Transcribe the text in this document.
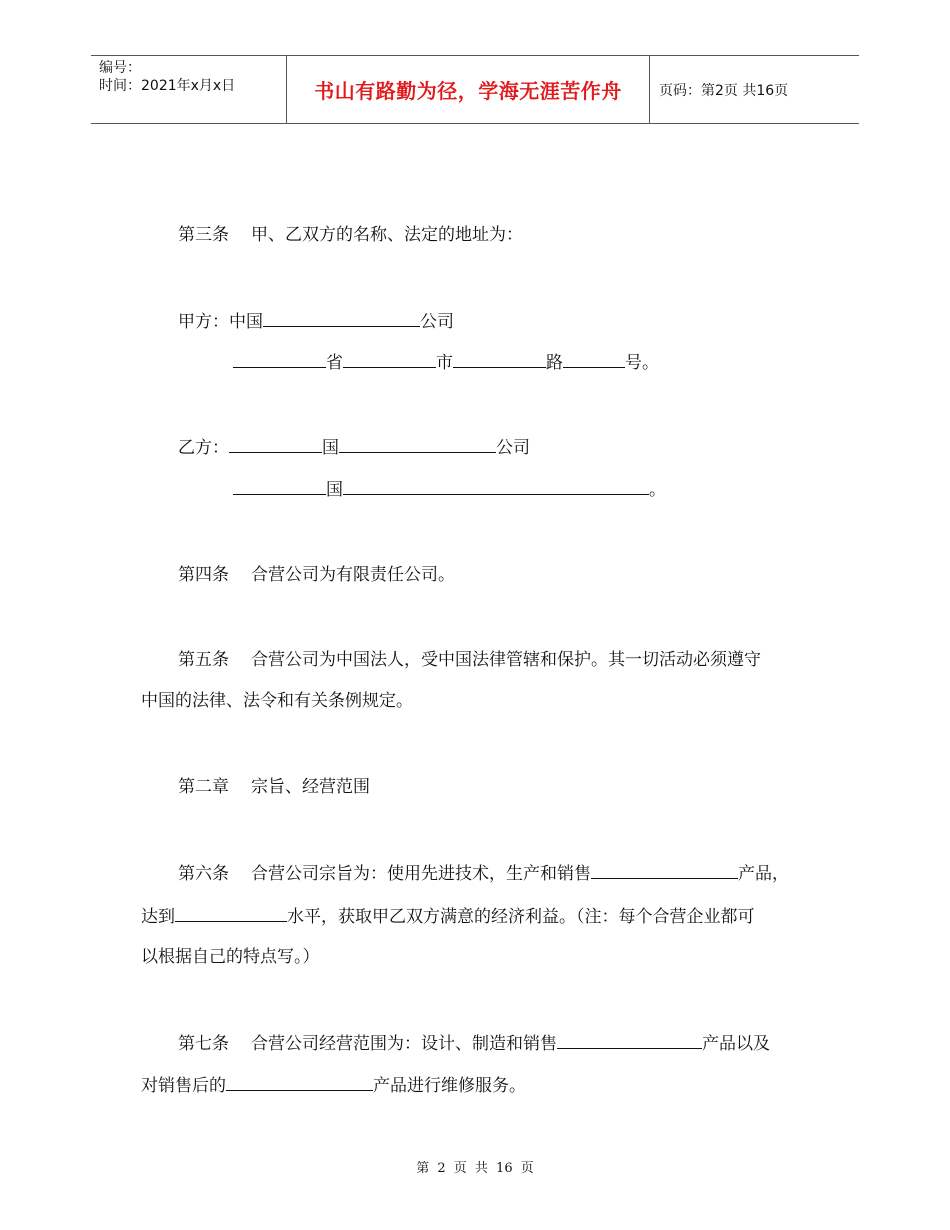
编号：
时间：2021年x月x日	书山有路勤为径，学海无涯苦作舟	页码：第2页 共16页
第三条 甲、乙双方的名称、法定的地址为：
甲方：中国	公司
省	市	路	号。
乙方：	国	公司
国	。
第四条 合营公司为有限责任公司。
第五条 合营公司为中国法人，受中国法律管辖和保护。其一切活动必须遵守
中国的法律、法令和有关条例规定。
第二章 宗旨、经营范围
第六条 合营公司宗旨为：使用先进技术，生产和销售	产品，
达到	水平，获取甲乙双方满意的经济利益。（注：每个合营企业都可
以根据自己的特点写。）
第七条 合营公司经营范围为：设计、制造和销售	产品以及
对销售后的	产品进行维修服务。
第 2 页 共 16 页
